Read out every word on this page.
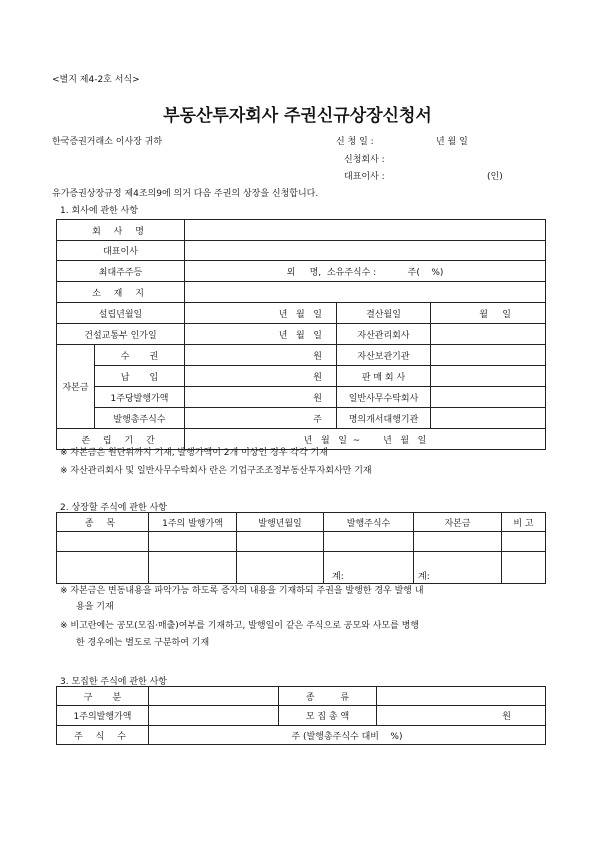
<별지 제4-2호 서식>
부동산투자회사 주권신규상장신청서
한국증권거래소 이사장 귀하	신 청 일 :	년 월 일
신청회사 :
대표이사 :	(인)
유가증권상장규정 제4조의9에 의거 다음 주권의 상장을 신청합니다.
1. 회사에 관한 사항
회 사 명				
대표이사				
최대주주등		외     명,  소유주식수 :           주(    %)		
소 재 지				
설립년월일		년   월   일	결산월일	월     일
건설교통부 인가일		년   월   일	자산관리회사	
자본금	수       권	원	자산보관기관	
	납       입	원	판 매 회 사	
	1주당발행가액	원	일반사무수탁회사	
	발행총주식수	주	명의개서대행기관	
존 립 기 간		년   월   일  ~        년   월   일		
※ 자본금은 원단위까지 기재, 발행가액이 2개 이상인 경우 각각 기재
※ 자산관리회사 및 일반사무수탁회사 란은 기업구조조정부동산투자회사만 기재
2. 상장할 주식에 관한 사항
종 목	1주의 발행가액	발행년월일	발행주식수	자본금	비 고

			계:	계:	
※ 자본금은 변동내용을 파악가능 하도록 증자의 내용을 기재하되 주권을 발행한 경우 발행 내
용을 기재
※ 비고란에는 공모(모집·매출)여부를 기재하고, 발행일이 같은 주식으로 공모와 사모를 병행
한 경우에는 별도로 구분하여 기재
3. 모집한 주식에 관한 사항
구       분		종         류	
1주의발행가액		모 집 총 액	원
주 식 수	주 (발행총주식수 대비    %)		
